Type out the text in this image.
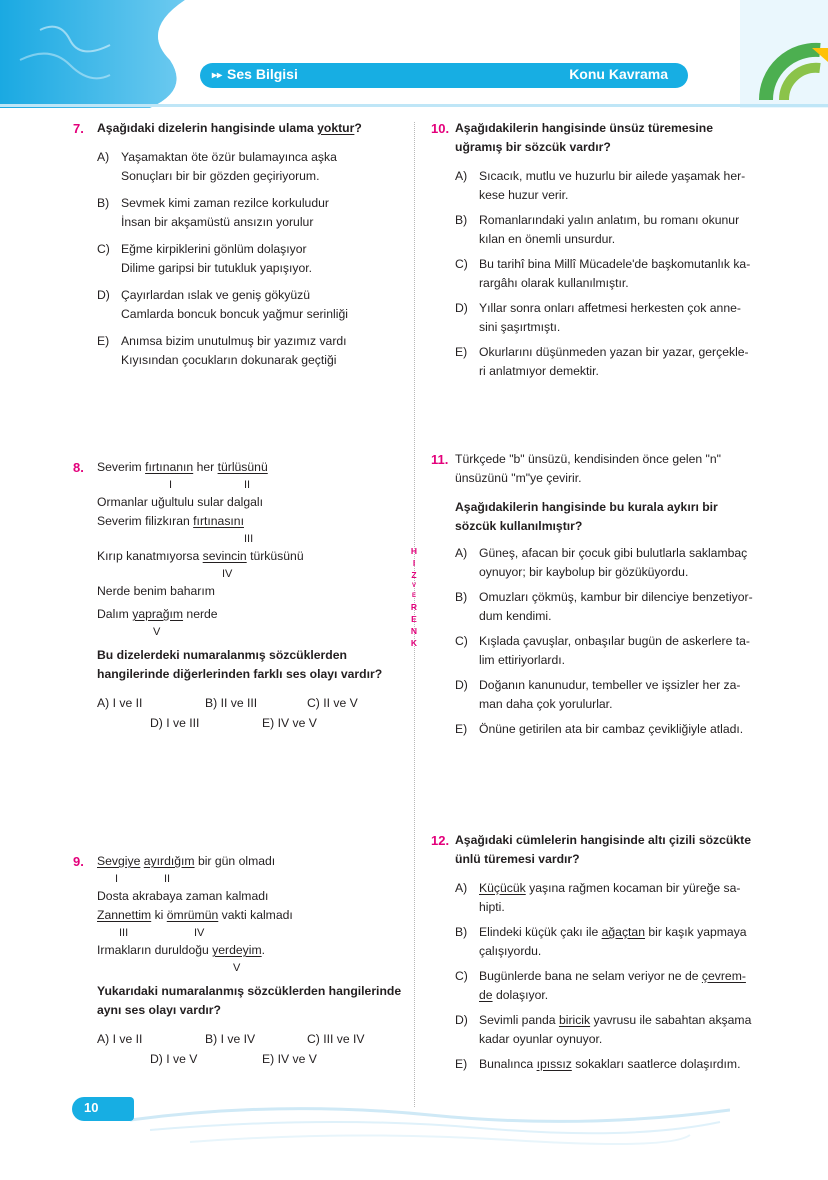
▸▸ Ses Bilgisi	Konu Kavrama
H
I
Z
V
E
R
E
N
K
7. Aşağıdaki dizelerin hangisinde ulama yoktur?
A) Yaşamaktan öte özür bulamayınca aşka
Sonuçları bir bir gözden geçiriyorum.
B) Sevmek kimi zaman rezilce korkuludur
İnsan bir akşamüstü ansızın yorulur
C) Eğme kirpiklerini gönlüm dolaşıyor
Dilime garipsi bir tutukluk yapışıyor.
D) Çayırlardan ıslak ve geniş gökyüzü
Camlarda boncuk boncuk yağmur serinliği
E) Anımsa bizim unutulmuş bir yazımız vardı
Kıyısından çocukların dokunarak geçtiği
8. Severim fırtınanın her türlüsünü
I	II
Ormanlar uğultulu sular dalgalı
Severim filizkıran fırtınasını
III
Kırıp kanatmıyorsa sevincin türküsünü
IV
Nerde benim baharım
Dalım yaprağım nerde
V
Bu dizelerdeki numaralanmış sözcüklerden hangilerinde diğerlerinden farklı ses olayı vardır?
A) I ve II	B) II ve III	C) II ve V
D) I ve III	E) IV ve V
9. Sevgiye ayırdığım bir gün olmadı
I	II
Dosta akrabaya zaman kalmadı
Zannettim ki ömrümün vakti kalmadı
III	IV
Irmakların duruldoğu yerdeyim.
V
Yukarıdaki numaralanmış sözcüklerden hangilerinde aynı ses olayı vardır?
A) I ve II	B) I ve IV	C) III ve IV
D) I ve V	E) IV ve V
10. Aşağıdakilerin hangisinde ünsüz türemesine uğramış bir sözcük vardır?
A) Sıcacık, mutlu ve huzurlu bir ailede yaşamak her-
kese huzur verir.
B) Romanlarındaki yalın anlatım, bu romanı okunur
kılan en önemli unsurdur.
C) Bu tarihî bina Millî Mücadele'de başkomutanlık ka-
rargâhı olarak kullanılmıştır.
D) Yıllar sonra onları affetmesi herkesten çok anne-
sini şaşırtmıştı.
E) Okurlarını düşünmeden yazan bir yazar, gerçekle-
ri anlatmıyor demektir.
11. Türkçede "b" ünsüzü, kendisinden önce gelen "n" ünsüzünü "m"ye çevirir.
Aşağıdakilerin hangisinde bu kurala aykırı bir sözcük kullanılmıştır?
A) Güneş, afacan bir çocuk gibi bulutlarla saklambaç
oynuyor; bir kaybolup bir gözüküyordu.
B) Omuzları çökmüş, kambur bir dilenciye benzetiyor-
dum kendimi.
C) Kışlada çavuşlar, onbaşılar bugün de askerlere ta-
lim ettiriyorlardı.
D) Doğanın kanunudur, tembeller ve işsizler her za-
man daha çok yorulurlar.
E) Önüne getirilen ata bir cambaz çevikliğiyle atladı.
12. Aşağıdaki cümlelerin hangisinde altı çizili sözcükte ünlü türemesi vardır?
A) Küçücük yaşına rağmen kocaman bir yüreğe sa-
hipti.
B) Elindeki küçük çakı ile ağaçtan bir kaşık yapmaya
çalışıyordu.
C) Bugünlerde bana ne selam veriyor ne de çevrem-
de dolaşıyor.
D) Sevimli panda biricik yavrusu ile sabahtan akşama
kadar oyunlar oynuyor.
E) Bunalınca ıpıssız sokakları saatlerce dolaşırdım.
10
